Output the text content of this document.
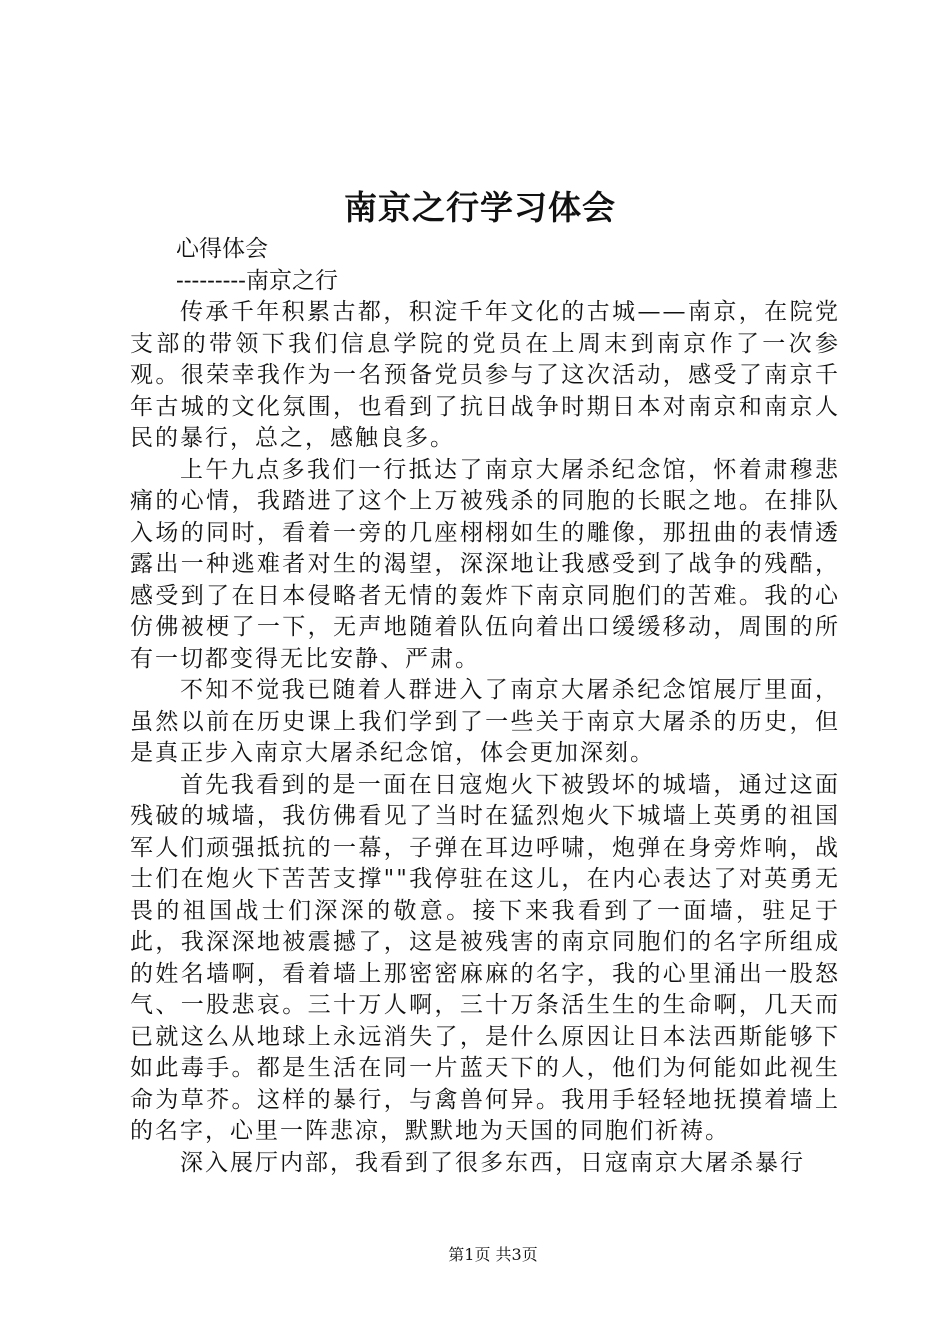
南京之行学习体会

心得体会

---------南京之行

传承千年积累古都，积淀千年文化的古城——南京，在院党支部的带领下我们信息学院的党员在上周末到南京作了一次参观。很荣幸我作为一名预备党员参与了这次活动，感受了南京千年古城的文化氛围，也看到了抗日战争时期日本对南京和南京人民的暴行，总之，感触良多。

上午九点多我们一行抵达了南京大屠杀纪念馆，怀着肃穆悲痛的心情，我踏进了这个上万被残杀的同胞的长眠之地。在排队入场的同时，看着一旁的几座栩栩如生的雕像，那扭曲的表情透露出一种逃难者对生的渴望，深深地让我感受到了战争的残酷，感受到了在日本侵略者无情的轰炸下南京同胞们的苦难。我的心仿佛被梗了一下，无声地随着队伍向着出口缓缓移动，周围的所有一切都变得无比安静、严肃。

不知不觉我已随着人群进入了南京大屠杀纪念馆展厅里面，虽然以前在历史课上我们学到了一些关于南京大屠杀的历史，但是真正步入南京大屠杀纪念馆，体会更加深刻。

首先我看到的是一面在日寇炮火下被毁坏的城墙，通过这面残破的城墙，我仿佛看见了当时在猛烈炮火下城墙上英勇的祖国军人们顽强抵抗的一幕，子弹在耳边呼啸，炮弹在身旁炸响，战士们在炮火下苦苦支撑""我停驻在这儿，在内心表达了对英勇无畏的祖国战士们深深的敬意。接下来我看到了一面墙，驻足于此，我深深地被震撼了，这是被残害的南京同胞们的名字所组成的姓名墙啊，看着墙上那密密麻麻的名字，我的心里涌出一股怒气、一股悲哀。三十万人啊，三十万条活生生的生命啊，几天而已就这么从地球上永远消失了，是什么原因让日本法西斯能够下如此毒手。都是生活在同一片蓝天下的人，他们为何能如此视生命为草芥。这样的暴行，与禽兽何异。我用手轻轻地抚摸着墙上的名字，心里一阵悲凉，默默地为天国的同胞们祈祷。

深入展厅内部，我看到了很多东西，日寇南京大屠杀暴行

第1页 共3页
